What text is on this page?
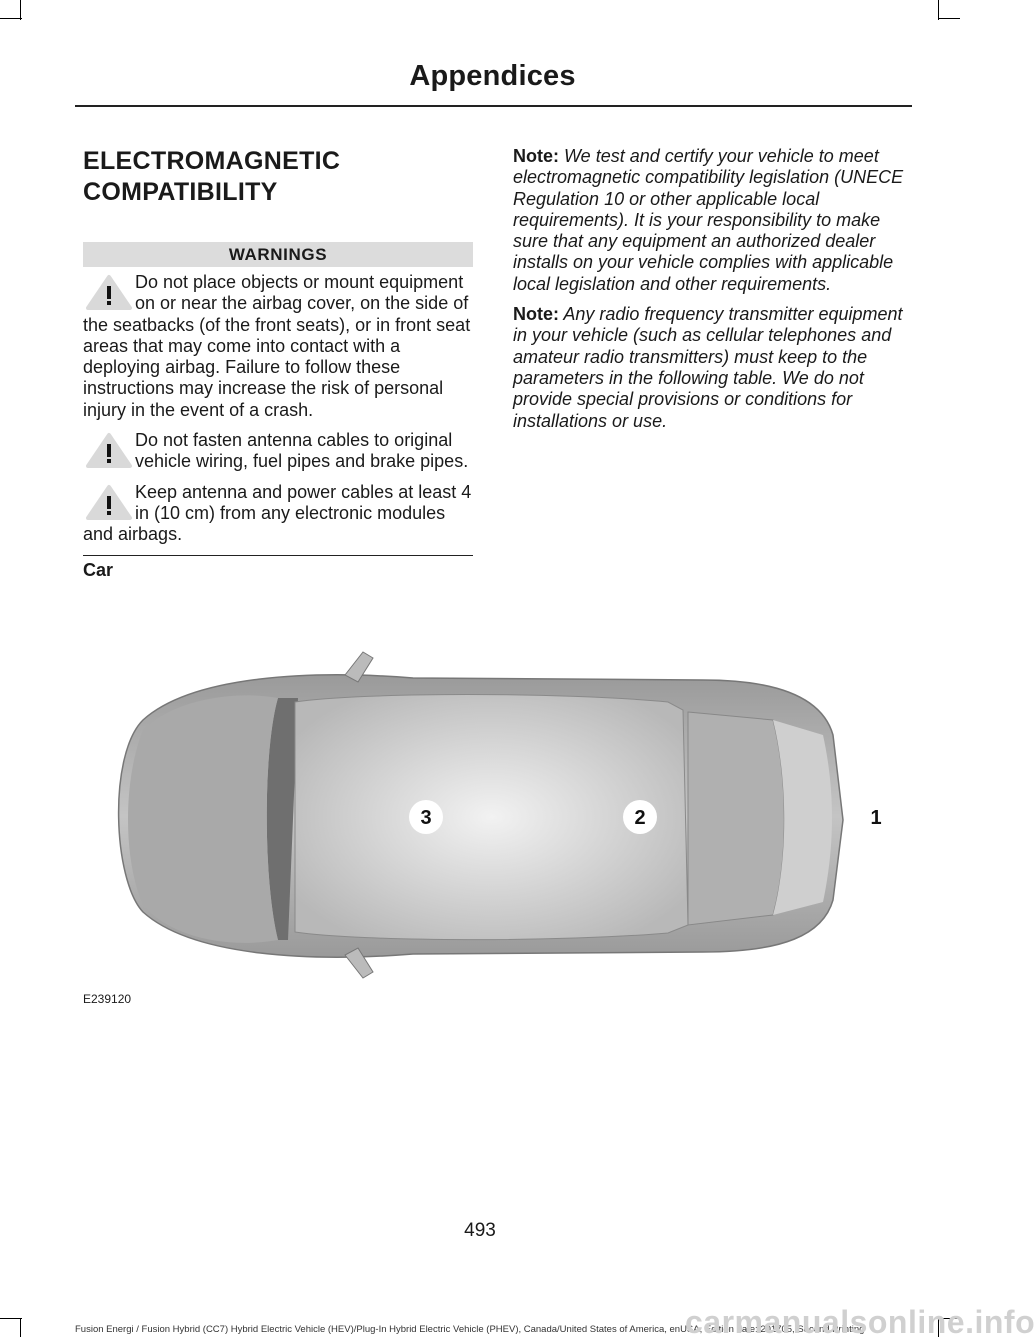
Appendices
ELECTROMAGNETIC COMPATIBILITY
WARNINGS
Do not place objects or mount equipment on or near the airbag cover, on the side of the seatbacks (of the front seats), or in front seat areas that may come into contact with a deploying airbag. Failure to follow these instructions may increase the risk of personal injury in the event of a crash.
Do not fasten antenna cables to original vehicle wiring, fuel pipes and brake pipes.
Keep antenna and power cables at least 4 in (10 cm) from any electronic modules and airbags.
Car
Note: We test and certify your vehicle to meet electromagnetic compatibility legislation (UNECE Regulation 10 or other applicable local requirements). It is your responsibility to make sure that any equipment an authorized dealer installs on your vehicle complies with applicable local legislation and other requirements.
Note: Any radio frequency transmitter equipment in your vehicle (such as cellular telephones and amateur radio transmitters) must keep to the parameters in the following table. We do not provide special provisions or conditions for installations or use.
3	2	1
E239120
493
Fusion Energi / Fusion Hybrid (CC7) Hybrid Electric Vehicle (HEV)/Plug-In Hybrid Electric Vehicle (PHEV), Canada/United States of America, enUSA, Edition date: 201705, Second Printing
carmanualsonline.info
